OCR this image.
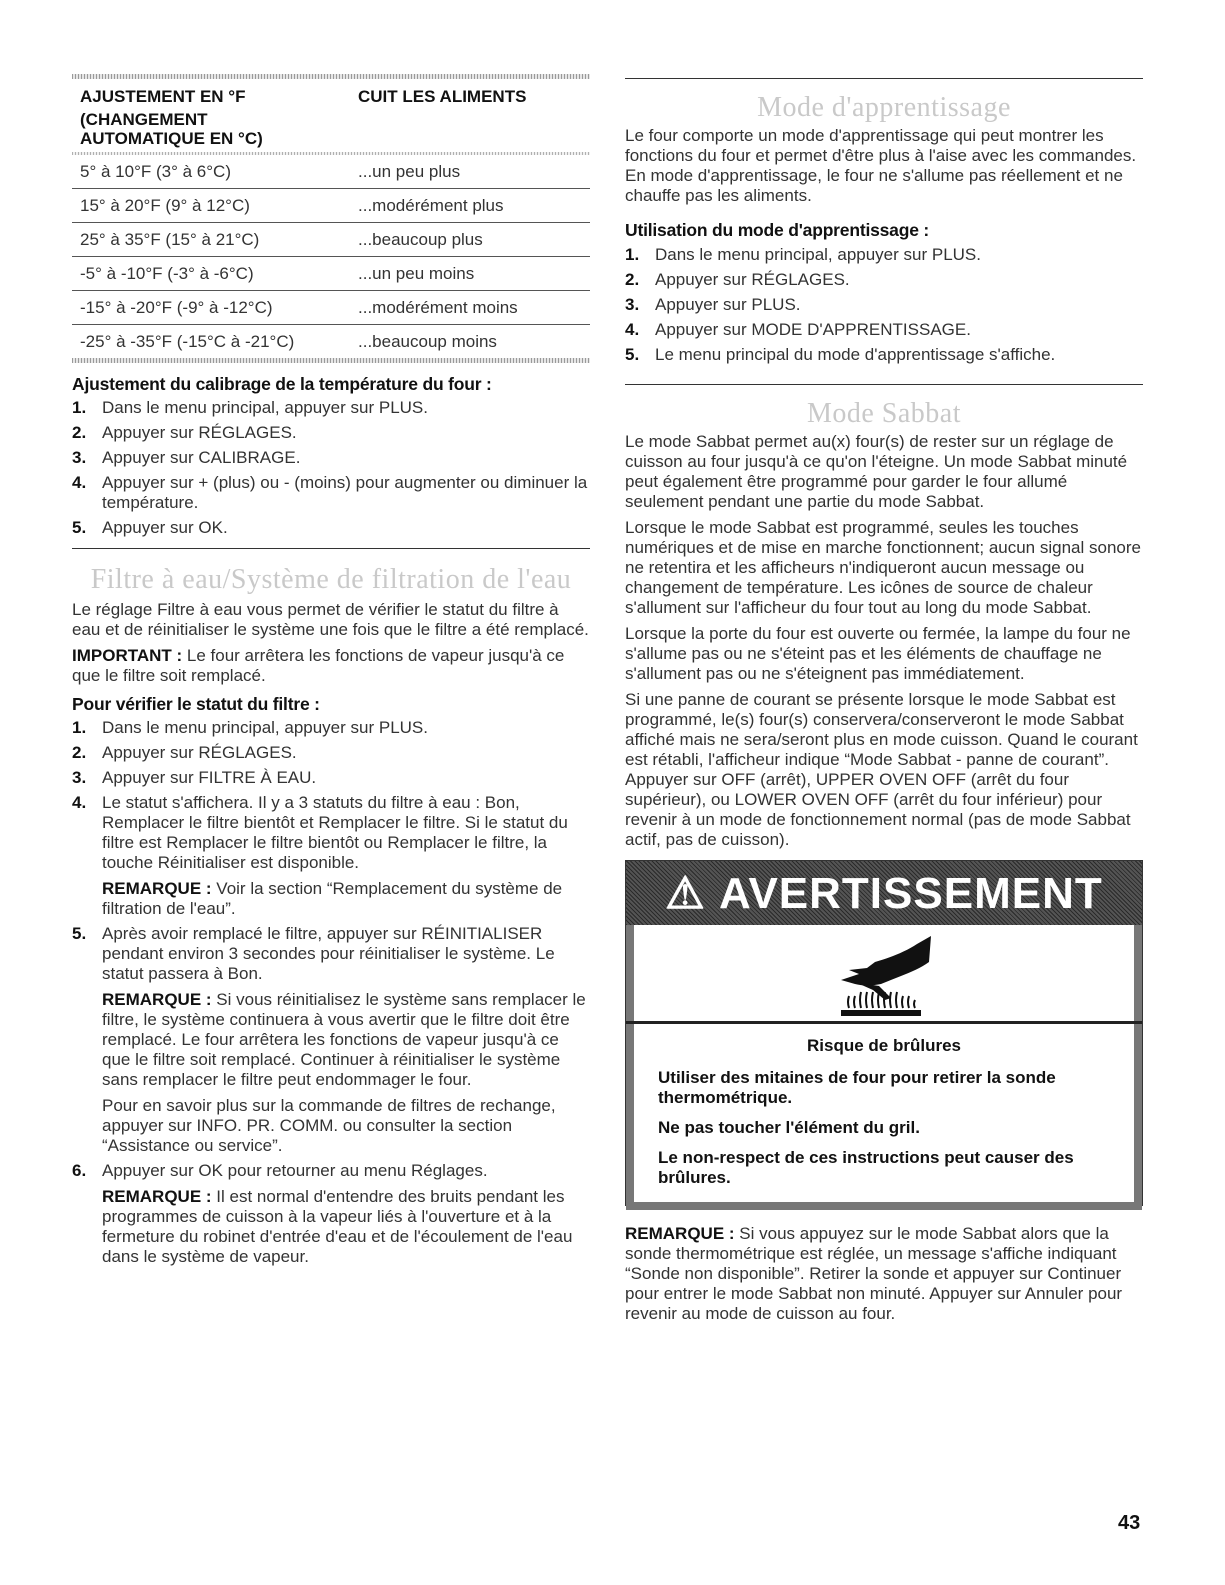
AJUSTEMENT EN °F
(CHANGEMENT
AUTOMATIQUE EN °C)
CUIT LES ALIMENTS
5° à 10°F (3° à 6°C)	...un peu plus
15° à 20°F (9° à 12°C)	...modérément plus
25° à 35°F (15° à 21°C)	...beaucoup plus
-5° à -10°F (-3° à -6°C)	...un peu moins
-15° à -20°F (-9° à -12°C)	...modérément moins
-25° à -35°F (-15°C à -21°C)	...beaucoup moins
Ajustement du calibrage de la température du four :
1. Dans le menu principal, appuyer sur PLUS.
2. Appuyer sur RÉGLAGES.
3. Appuyer sur CALIBRAGE.
4. Appuyer sur + (plus) ou - (moins) pour augmenter ou diminuer la température.
5. Appuyer sur OK.
Filtre à eau/Système de filtration de l'eau

Le réglage Filtre à eau vous permet de vérifier le statut du filtre à eau et de réinitialiser le système une fois que le filtre a été remplacé.

IMPORTANT : Le four arrêtera les fonctions de vapeur jusqu'à ce que le filtre soit remplacé.

Pour vérifier le statut du filtre :
1. Dans le menu principal, appuyer sur PLUS.
2. Appuyer sur RÉGLAGES.
3. Appuyer sur FILTRE À EAU.
4. Le statut s'affichera. Il y a 3 statuts du filtre à eau : Bon, Remplacer le filtre bientôt et Remplacer le filtre. Si le statut du filtre est Remplacer le filtre bientôt ou Remplacer le filtre, la touche Réinitialiser est disponible.
REMARQUE : Voir la section “Remplacement du système de filtration de l'eau”.
5. Après avoir remplacé le filtre, appuyer sur RÉINITIALISER pendant environ 3 secondes pour réinitialiser le système. Le statut passera à Bon.
REMARQUE : Si vous réinitialisez le système sans remplacer le filtre, le système continuera à vous avertir que le filtre doit être remplacé. Le four arrêtera les fonctions de vapeur jusqu'à ce que le filtre soit remplacé. Continuer à réinitialiser le système sans remplacer le filtre peut endommager le four.
Pour en savoir plus sur la commande de filtres de rechange, appuyer sur INFO. PR. COMM. ou consulter la section “Assistance ou service”.
6. Appuyer sur OK pour retourner au menu Réglages.
REMARQUE : Il est normal d'entendre des bruits pendant les programmes de cuisson à la vapeur liés à l'ouverture et à la fermeture du robinet d'entrée d'eau et de l'écoulement de l'eau dans le système de vapeur.
Mode d'apprentissage

Le four comporte un mode d'apprentissage qui peut montrer les fonctions du four et permet d'être plus à l'aise avec les commandes. En mode d'apprentissage, le four ne s'allume pas réellement et ne chauffe pas les aliments.

Utilisation du mode d'apprentissage :
1. Dans le menu principal, appuyer sur PLUS.
2. Appuyer sur RÉGLAGES.
3. Appuyer sur PLUS.
4. Appuyer sur MODE D'APPRENTISSAGE.
5. Le menu principal du mode d'apprentissage s'affiche.
Mode Sabbat

Le mode Sabbat permet au(x) four(s) de rester sur un réglage de cuisson au four jusqu'à ce qu'on l'éteigne. Un mode Sabbat minuté peut également être programmé pour garder le four allumé seulement pendant une partie du mode Sabbat.

Lorsque le mode Sabbat est programmé, seules les touches numériques et de mise en marche fonctionnent; aucun signal sonore ne retentira et les afficheurs n'indiqueront aucun message ou changement de température. Les icônes de source de chaleur s'allument sur l'afficheur du four tout au long du mode Sabbat.

Lorsque la porte du four est ouverte ou fermée, la lampe du four ne s'allume pas ou ne s'éteint pas et les éléments de chauffage ne s'allument pas ou ne s'éteignent pas immédiatement.

Si une panne de courant se présente lorsque le mode Sabbat est programmé, le(s) four(s) conservera/conserveront le mode Sabbat affiché mais ne sera/seront plus en mode cuisson. Quand le courant est rétabli, l'afficheur indique “Mode Sabbat - panne de courant”. Appuyer sur OFF (arrêt), UPPER OVEN OFF (arrêt du four supérieur), ou LOWER OVEN OFF (arrêt du four inférieur) pour revenir à un mode de fonctionnement normal (pas de mode Sabbat actif, pas de cuisson).

⚠ AVERTISSEMENT
Risque de brûlures

Utiliser des mitaines de four pour retirer la sonde thermométrique.

Ne pas toucher l'élément du gril.

Le non-respect de ces instructions peut causer des brûlures.

REMARQUE : Si vous appuyez sur le mode Sabbat alors que la sonde thermométrique est réglée, un message s'affiche indiquant “Sonde non disponible”. Retirer la sonde et appuyer sur Continuer pour entrer le mode Sabbat non minuté. Appuyer sur Annuler pour revenir au mode de cuisson au four.

43
